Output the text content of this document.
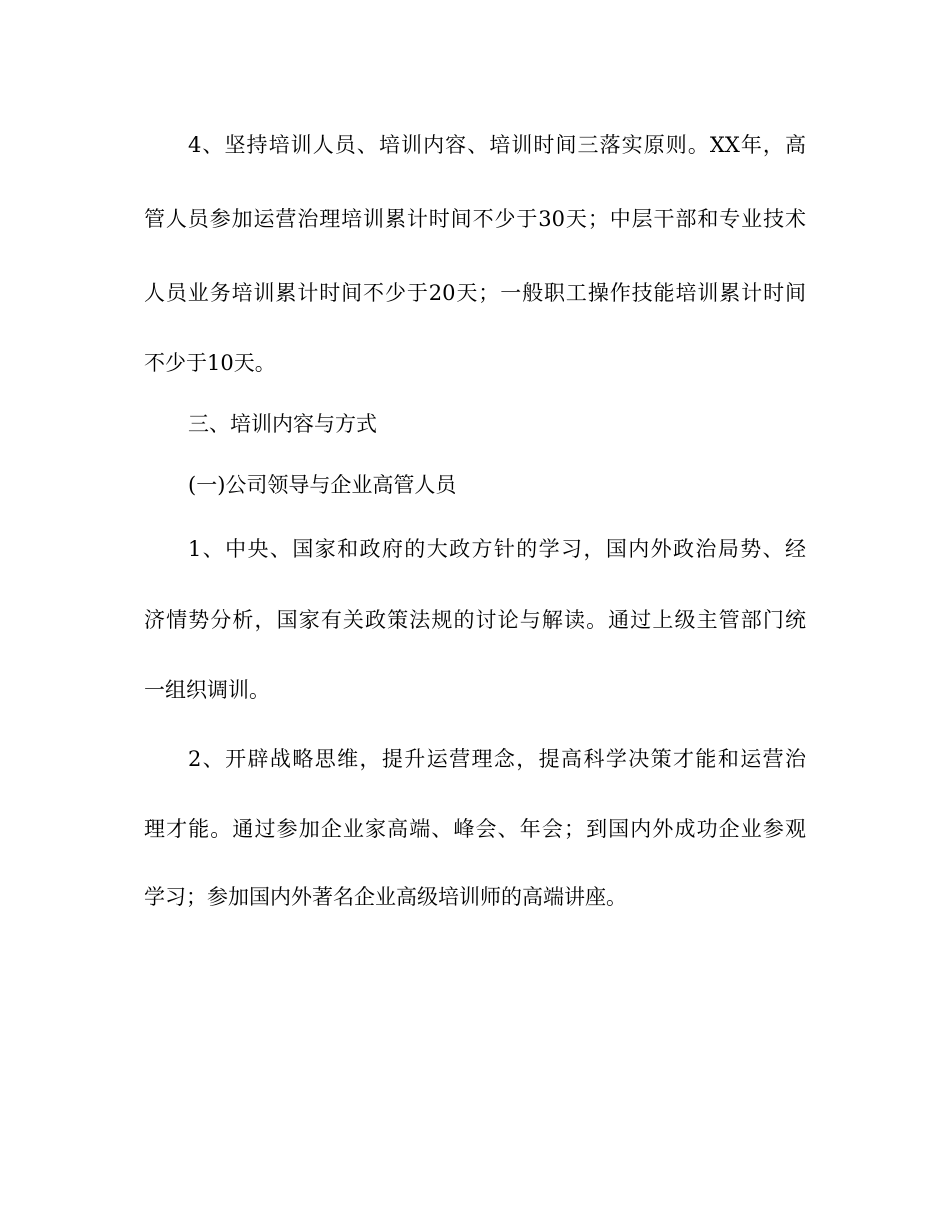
4、坚持培训人员、培训内容、培训时间三落实原则。XX年，高
管人员参加运营治理培训累计时间不少于30天；中层干部和专业技术
人员业务培训累计时间不少于20天；一般职工操作技能培训累计时间
不少于10天。
三、培训内容与方式
(一)公司领导与企业高管人员
1、中央、国家和政府的大政方针的学习，国内外政治局势、经
济情势分析，国家有关政策法规的讨论与解读。通过上级主管部门统
一组织调训。
2、开辟战略思维，提升运营理念，提高科学决策才能和运营治
理才能。通过参加企业家高端、峰会、年会；到国内外成功企业参观
学习；参加国内外著名企业高级培训师的高端讲座。
